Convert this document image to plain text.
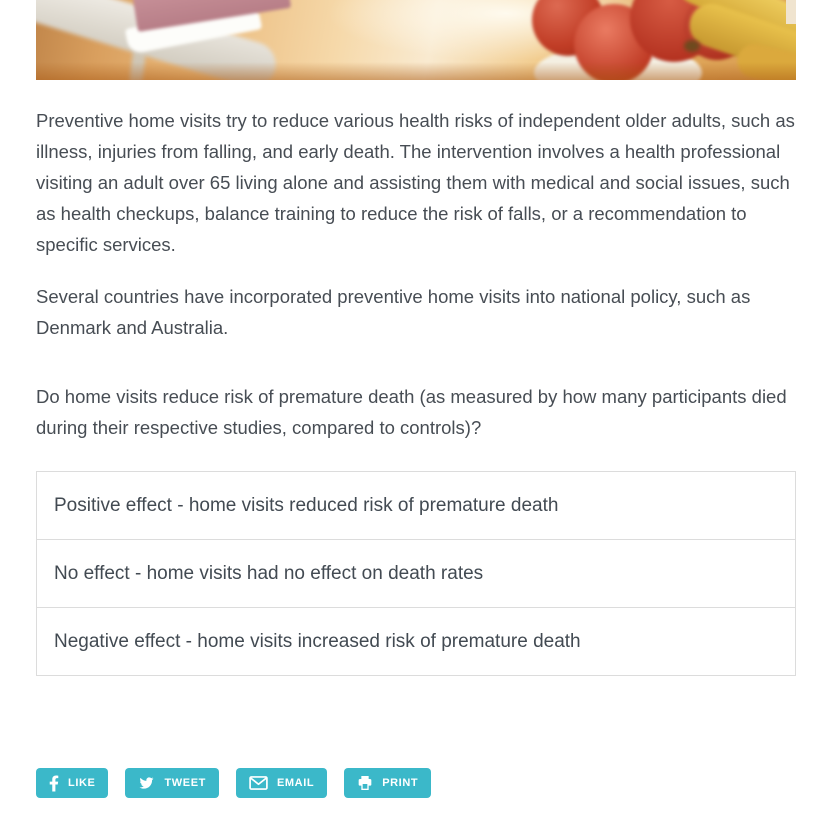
Preventive home visits try to reduce various health risks of independent older adults, such as illness, injuries from falling, and early death. The intervention involves a health professional visiting an adult over 65 living alone and assisting them with medical and social issues, such as health checkups, balance training to reduce the risk of falls, or a recommendation to specific services.

Several countries have incorporated preventive home visits into national policy, such as Denmark and Australia.

Do home visits reduce risk of premature death (as measured by how many participants died during their respective studies, compared to controls)?

Positive effect - home visits reduced risk of premature death
No effect - home visits had no effect on death rates
Negative effect - home visits increased risk of premature death
LIKE	TWEET	EMAIL	PRINT
